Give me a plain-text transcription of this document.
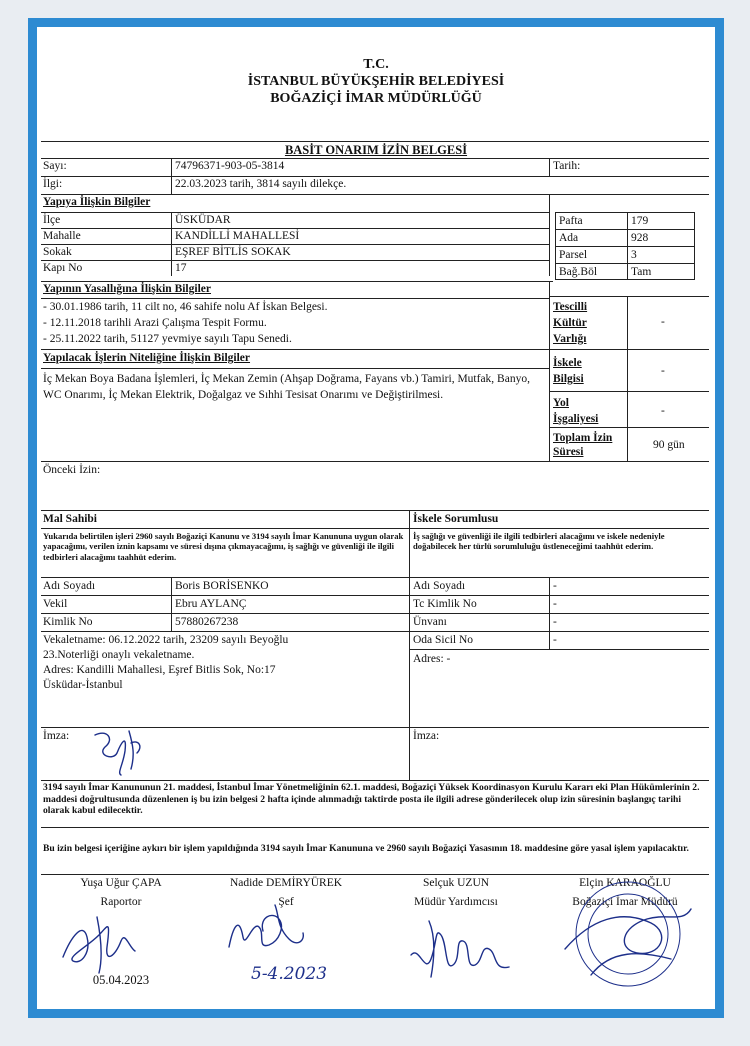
T.C.
İSTANBUL BÜYÜKŞEHİR BELEDİYESİ
BOĞAZİÇİ İMAR MÜDÜRLÜĞÜ
BASİT ONARIM İZİN BELGESİ
Sayı:	74796371-903-05-3814	Tarih:
İlgi:	22.03.2023 tarih, 3814 sayılı dilekçe.
Yapıya İlişkin Bilgiler
İlçe	ÜSKÜDAR
Mahalle	KANDİLLİ MAHALLESİ
Sokak	EŞREF BİTLİS SOKAK
Kapı No	17
Pafta	179
Ada	928
Parsel	3
Bağ.Böl	Tam
Yapının Yasallığına İlişkin Bilgiler
- 30.01.1986 tarih, 11 cilt no, 46 sahife nolu Af İskan Belgesi.
- 12.11.2018 tarihli Arazi Çalışma Tespit Formu.
- 25.11.2022 tarih, 51127 yevmiye sayılı Tapu Senedi.
Yapılacak İşlerin Niteliğine İlişkin Bilgiler
İç Mekan Boya Badana İşlemleri, İç Mekan Zemin (Ahşap Doğrama, Fayans vb.) Tamiri, Mutfak, Banyo, WC Onarımı, İç Mekan Elektrik, Doğalgaz ve Sıhhi Tesisat Onarımı ve Değiştirilmesi.
Tescilli Kültür Varlığı
-
İskele Bilgisi
-
Yol İşgaliyesi
-
Toplam İzin Süresi
90 gün
Önceki İzin:
Mal Sahibi	İskele Sorumlusu
Yukarıda belirtilen işleri 2960 sayılı Boğaziçi Kanunu ve 3194 sayılı İmar Kanununa uygun olarak yapacağımı, verilen iznin kapsamı ve süresi dışına çıkmayacağımı, iş sağlığı ve güvenliği ile ilgili tedbirleri alacağımı taahhüt ederim.
İş sağlığı ve güvenliği ile ilgili tedbirleri alacağımı ve iskele nedeniyle doğabilecek her türlü sorumluluğu üstleneceğimi taahhüt ederim.
Adı Soyadı	Boris BORİSENKO
Vekil	Ebru AYLANÇ
Kimlik No	57880267238
Adı Soyadı	-
Tc Kimlik No	-
Ünvanı	-
Oda Sicil No	-
Adres: -
Vekaletname: 06.12.2022 tarih, 23209 sayılı Beyoğlu
23.Noterliği onaylı vekaletname.
Adres: Kandilli Mahallesi, Eşref Bitlis Sok, No:17
Üsküdar-İstanbul
İmza:	İmza:
3194 sayılı İmar Kanununun 21. maddesi, İstanbul İmar Yönetmeliğinin 62.1. maddesi, Boğaziçi Yüksek Koordinasyon Kurulu Kararı eki Plan Hükümlerinin 2. maddesi doğrultusunda düzenlenen iş bu izin belgesi 2 hafta içinde alınmadığı taktirde posta ile ilgili adrese gönderilecek olup izin süresinin başlangıç tarihi olarak kabul edilecektir.
Bu izin belgesi içeriğine aykırı bir işlem yapıldığında 3194 sayılı İmar Kanununa ve 2960 sayılı Boğaziçi Yasasının 18. maddesine göre yasal işlem yapılacaktır.
Yuşa Uğur ÇAPA
Raportor
05.04.2023
Nadide DEMİRYÜREK
Şef
5-4.2023
Selçuk UZUN
Müdür Yardımcısı
Elçin KARAOĞLU
Boğaziçi İmar Müdürü
